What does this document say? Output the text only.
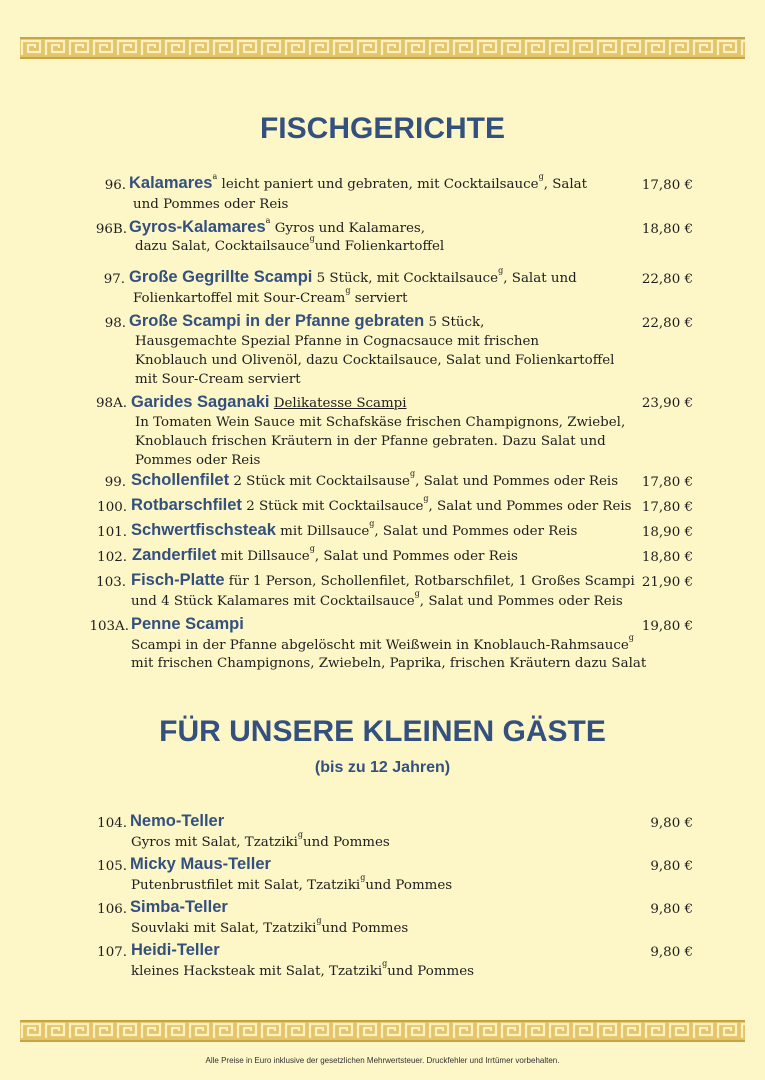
FISCHGERICHTE
96. Kalamares$^a$ leicht paniert und gebraten, mit Cocktailsauce$^g$, Salat
und Pommes oder Reis
17,80 €
96B. Gyros-Kalamares$^a$ Gyros und Kalamares,
dazu Salat, Cocktailsauce$^g$und Folienkartoffel
18,80 €
97. Große Gegrillte Scampi 5 Stück, mit Cocktailsauce$^g$, Salat und
Folienkartoffel mit Sour-Cream$^g$ serviert
22,80 €
98. Große Scampi in der Pfanne gebraten 5 Stück,
Hausgemachte Spezial Pfanne in Cognacsauce mit frischen
Knoblauch und Olivenöl, dazu Cocktailsauce, Salat und Folienkartoffel
mit Sour-Cream serviert
22,80 €
98A. Garides Saganaki Delikatesse Scampi
In Tomaten Wein Sauce mit Schafskäse frischen Champignons, Zwiebel,
Knoblauch frischen Kräutern in der Pfanne gebraten. Dazu Salat und
Pommes oder Reis
23,90 €
99. Schollenfilet 2 Stück mit Cocktailsause$^g$, Salat und Pommes oder Reis 17,80 €
100. Rotbarschfilet 2 Stück mit Cocktailsauce$^g$, Salat und Pommes oder Reis 17,80 €
101. Schwertfischsteak mit Dillsauce$^g$, Salat und Pommes oder Reis	18,90 €
102. Zanderfilet mit Dillsauce$^g$, Salat und Pommes oder Reis	18,80 €
103. Fisch-Platte für 1 Person, Schollenfilet, Rotbarschfilet, 1 Großes Scampi
und 4 Stück Kalamares mit Cocktailsauce$^g$, Salat und Pommes oder Reis
21,90 €
103A. Penne Scampi
Scampi in der Pfanne abgelöscht mit Weißwein in Knoblauch-Rahmsauce$^g$
mit frischen Champignons, Zwiebeln, Paprika, frischen Kräutern dazu Salat
19,80 €
FÜR UNSERE KLEINEN GÄSTE
(bis zu 12 Jahren)
104. Nemo-Teller
Gyros mit Salat, Tzatziki$^g$und Pommes
9,80 €
105. Micky Maus-Teller
Putenbrustfilet mit Salat, Tzatziki$^g$und Pommes
9,80 €
106. Simba-Teller
Souvlaki mit Salat, Tzatziki$^g$und Pommes
9,80 €
107. Heidi-Teller
kleines Hacksteak mit Salat, Tzatziki$^g$und Pommes
9,80 €
Alle Preise in Euro inklusive der gesetzlichen Mehrwertsteuer. Druckfehler und Irrtümer vorbehalten.
